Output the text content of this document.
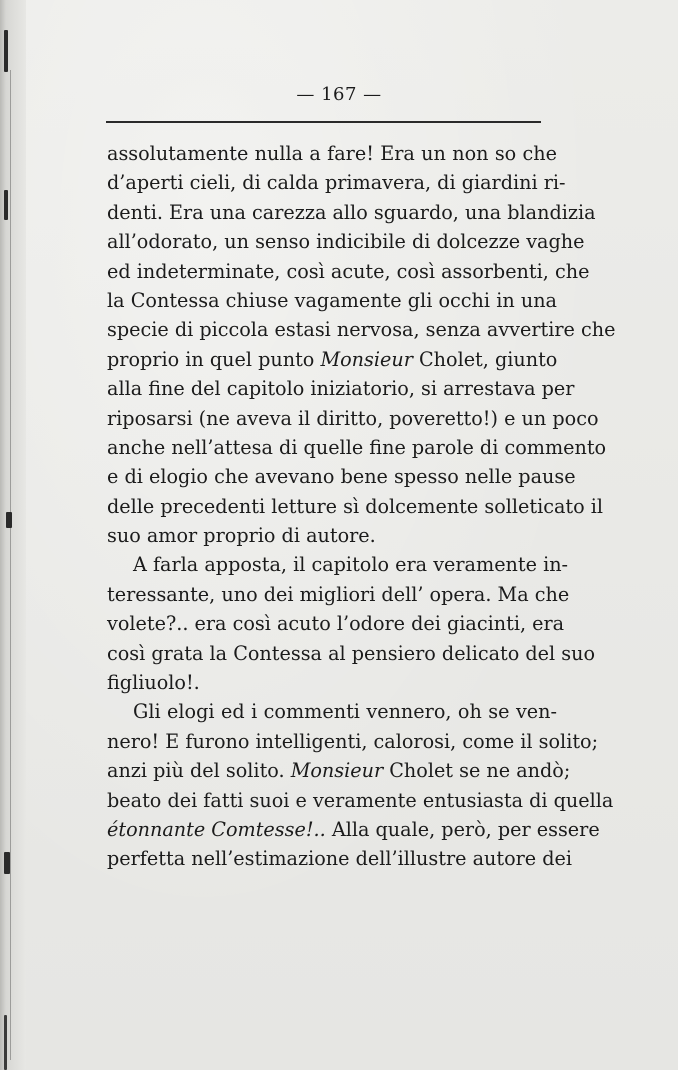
— 167 —
assolutamente nulla a fare! Era un non so che
d’aperti cieli, di calda primavera, di giardini ri-
denti. Era una carezza allo sguardo, una blandizia
all’odorato, un senso indicibile di dolcezze vaghe
ed indeterminate, così acute, così assorbenti, che
la Contessa chiuse vagamente gli occhi in una
specie di piccola estasi nervosa, senza avvertire che
proprio in quel punto Monsieur Cholet, giunto
alla fine del capitolo iniziatorio, si arrestava per
riposarsi (ne aveva il diritto, poveretto!) e un poco
anche nell’attesa di quelle fine parole di commento
e di elogio che avevano bene spesso nelle pause
delle precedenti letture sì dolcemente solleticato il
suo amor proprio di autore.
A farla apposta, il capitolo era veramente in-
teressante, uno dei migliori dell’ opera. Ma che
volete?.. era così acuto l’odore dei giacinti, era
così grata la Contessa al pensiero delicato del suo
figliuolo!.
Gli elogi ed i commenti vennero, oh se ven-
nero! E furono intelligenti, calorosi, come il solito;
anzi più del solito. Monsieur Cholet se ne andò;
beato dei fatti suoi e veramente entusiasta di quella
étonnante Comtesse!.. Alla quale, però, per essere
perfetta nell’estimazione dell’illustre autore dei
